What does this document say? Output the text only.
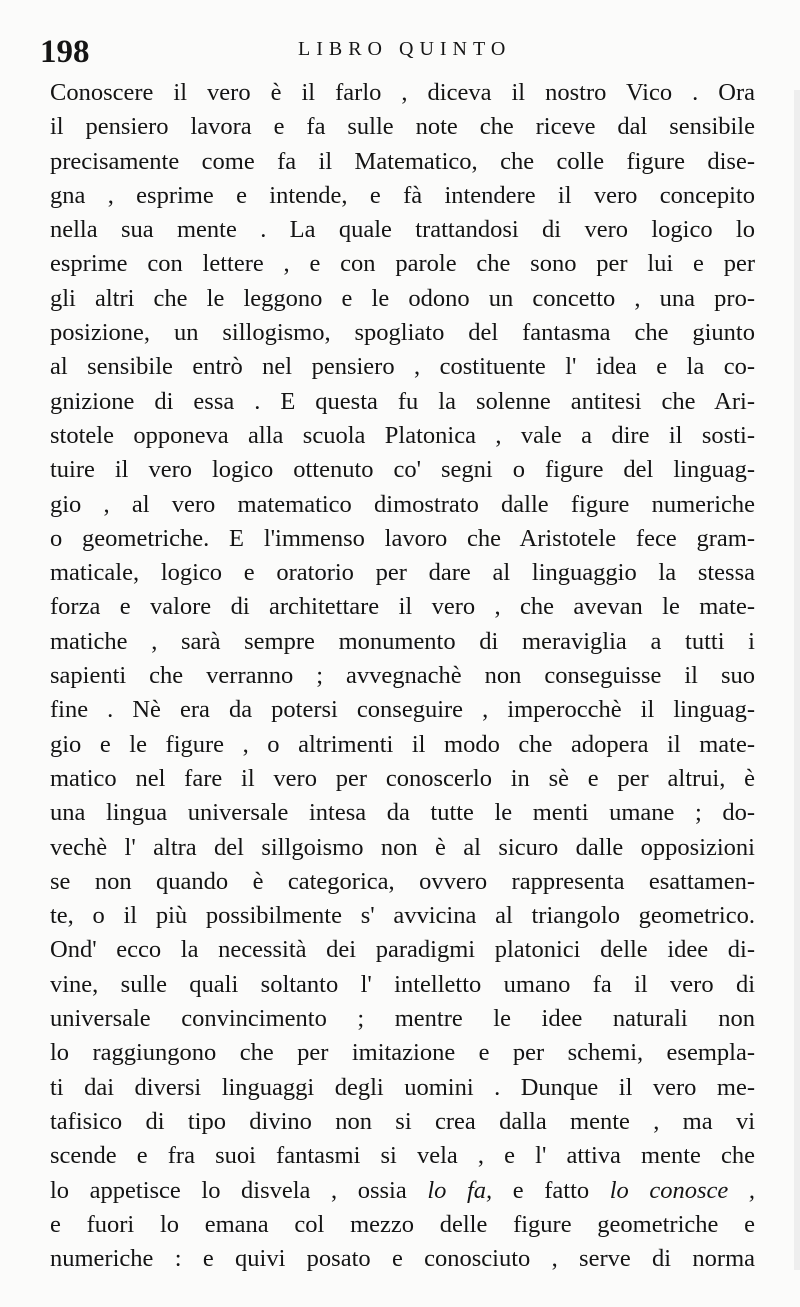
198	LIBRO QUINTO
Conoscere il vero è il farlo , diceva il nostro Vico . Ora
il pensiero lavora e fa sulle note che riceve dal sensibile
precisamente come fa il Matematico, che colle figure dise-
gna , esprime e intende, e fà intendere il vero concepito
nella sua mente . La quale trattandosi di vero logico lo
esprime con lettere , e con parole che sono per lui e per
gli altri che le leggono e le odono un concetto , una pro-
posizione, un sillogismo, spogliato del fantasma che giunto
al sensibile entrò nel pensiero , costituente l' idea e la co-
gnizione di essa . E questa fu la solenne antitesi che Ari-
stotele opponeva alla scuola Platonica , vale a dire il sosti-
tuire il vero logico ottenuto co' segni o figure del linguag-
gio , al vero matematico dimostrato dalle figure numeriche
o geometriche. E l'immenso lavoro che Aristotele fece gram-
maticale, logico e oratorio per dare al linguaggio la stessa
forza e valore di architettare il vero , che avevan le mate-
matiche , sarà sempre monumento di meraviglia a tutti i
sapienti che verranno ; avvegnachè non conseguisse il suo
fine . Nè era da potersi conseguire , imperocchè il linguag-
gio e le figure , o altrimenti il modo che adopera il mate-
matico nel fare il vero per conoscerlo in sè e per altrui, è
una lingua universale intesa da tutte le menti umane ; do-
vechè l' altra del sillgoismo non è al sicuro dalle opposizioni
se non quando è categorica, ovvero rappresenta esattamen-
te, o il più possibilmente s' avvicina al triangolo geometrico.
Ond' ecco la necessità dei paradigmi platonici delle idee di-
vine, sulle quali soltanto l' intelletto umano fa il vero di
universale convincimento ; mentre le idee naturali non
lo raggiungono che per imitazione e per schemi, esempla-
ti dai diversi linguaggi degli uomini . Dunque il vero me-
tafisico di tipo divino non si crea dalla mente , ma vi
scende e fra suoi fantasmi si vela , e l' attiva mente che
lo appetisce lo disvela , ossia lo fa, e fatto lo conosce ,
e fuori lo emana col mezzo delle figure geometriche e
numeriche : e quivi posato e conosciuto , serve di norma
